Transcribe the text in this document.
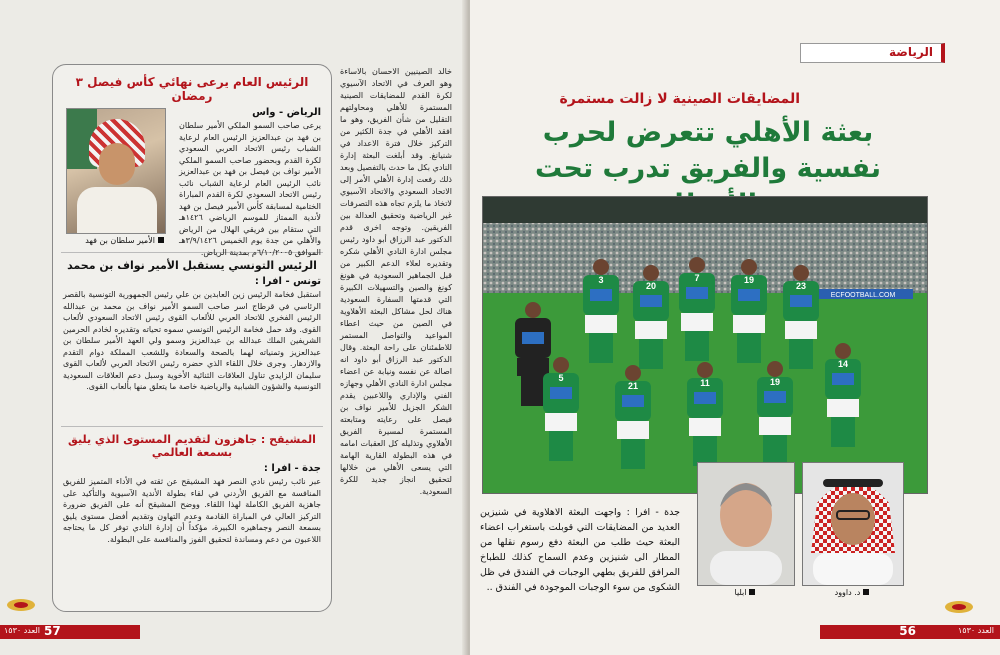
الرئيس العام يرعى نهائي كأس فيصل ٣ رمضان
الرياض - واس
يرعى صاحب السمو الملكي الأمير سلطان بن فهد بن عبدالعزيز الرئيس العام لرعاية الشباب رئيس الاتحاد العربي السعودي لكرة القدم وبحضور صاحب السمو الملكي الأمير نواف بن فيصل بن فهد بن عبدالعزيز نائب الرئيس العام لرعاية الشباب نائب رئيس الاتحاد السعودي لكرة القدم المباراة الختامية لمسابقة كأس الأمير فيصل بن فهد لأندية الممتاز للموسم الرياضي ١٤٢٦هـ التي ستقام بين فريقي الهلال من الرياض والأهلي من جدة يوم الخميس ٣/٩/١٤٢٦هـ الموافق ٦/١٠/٢٠٠٥م بمدينة الرياض.
الرئيس التونسي يستقبل الأمير نواف بن محمد
تونس - افرا :
استقبل فخامة الرئيس زين العابدين بن علي رئيس الجمهورية التونسية بالقصر الرئاسي في قرطاج اسر صاحب السمو الأمير نواف بن محمد بن عبدالله الرئيس الفخري للاتحاد العربي للألعاب القوى رئيس الاتحاد السعودي لألعاب القوى. وقد حمل فخامة الرئيس التونسي سموه تحياته وتقديره لخادم الحرمين الشريفين الملك عبدالله بن عبدالعزيز وسمو ولي العهد الأمير سلطان بن عبدالعزيز وتمنياته لهما بالصحة والسعادة وللشعب المملكة دوام التقدم والازدهار. وجرى خلال اللقاء الذي حضره رئيس الاتحاد العربي لألعاب القوى سليمان الزايدي تناول العلاقات الثنائية الأخوية وسبل دعم العلاقات السعودية التونسية والشؤون الشبابية والرياضية خاصة ما يتعلق منها بألعاب القوى.
المشيقح : جاهزون لتقديم المستوى الذي يليق بسمعة العالمي
جدة - افرا :
عبر نائب رئيس نادي النصر فهد المشيقح عن ثقته في الأداء المتميز للفريق المنافسة مع الفريق الأردني في لقاء بطولة الأندية الآسيوية والتأكيد على جاهزية الفريق الكاملة لهذا اللقاء. ووضح المشيقح أنه على الفريق ضرورة التركيز العالي في المباراة القادمة وعدم التهاون وتقديم أفضل مستوى يليق بسمعة النصر وجماهيره الكبيرة، مؤكداً أن إدارة النادي توفر كل ما يحتاجه اللاعبون من دعم ومساندة لتحقيق الفوز والمنافسة على البطولة.
الأمير سلطان بن فهد
خالد الصينيين الاحسان بالاساءة وهو العرف في الاتحاد الآسيوي لكرة القدم للمضايقات الصينية المستمرة للأهلي ومحاولتهم التقليل من شأن الفريق، وهو ما افقد الأهلي في جدة الكثير من التركيز خلال فترة الاعداد في شنيانغ. وقد أبلغت البعثة إدارة النادي بكل ما حدث بالتفصيل وبعد ذلك رفعت إدارة الأهلي الأمر إلى الاتحاد السعودي والاتحاد الآسيوي لاتخاذ ما يلزم تجاه هذه التصرفات غير الرياضية وتحقيق العدالة بين الفريقين. وتوجه اخرى قدم الدكتور عبد الرزاق أبو داود رئيس مجلس ادارة النادي الأهلي شكره وتقديره لعلاء الدعم الكبير من قبل الجماهير السعودية في هونغ كونغ والصين والتسهيلات الكبيرة التي قدمتها السفارة السعودية هناك لحل مشاكل البعثة الأهلاوية في الصين من حيث اعطاء المواعيد والتواصل المستمر للاطمئنان على راحة البعثة. وقال الدكتور عبد الرزاق أبو داود انه اصالة عن نفسه ونيابة عن اعضاء مجلس ادارة النادي الأهلي وجهازه الفني والإداري واللاعبين يقدم الشكر الجزيل للأمير نواف بن فيصل على رعايته ومتابعته المستمرة لمسيرة الفريق الأهلاوي وتذليله كل العقبات امامه في هذه البطولة القارية الهامة التي يسعى الأهلي من خلالها لتحقيق انجاز جديد للكرة السعودية.
57
العدد ١٥٣٠
الرياضة
المضايقات الصينية لا زالت مستمرة
بعثة الأهلي تتعرض لحرب نفسية والفريق تدرب تحت
ECFOOTBALL.COM
3
20
7	19
23
5
21	11	19
14
جدة - افرا : واجهت البعثة الاهلاوية في شنيزين العديد من المضايقات التي قوبلت باستغراب اعضاء البعثة حيث طلب من البعثة دفع رسوم نقلها من المطار الى شنيزين وعدم السماح كذلك للطباخ المرافق للفريق بطهي الوجبات في الفندق في ظل الشكوى من سوء الوجبات الموجودة في الفندق ..	ابليا	د. داوود
العدد ١٥٣٠
56
